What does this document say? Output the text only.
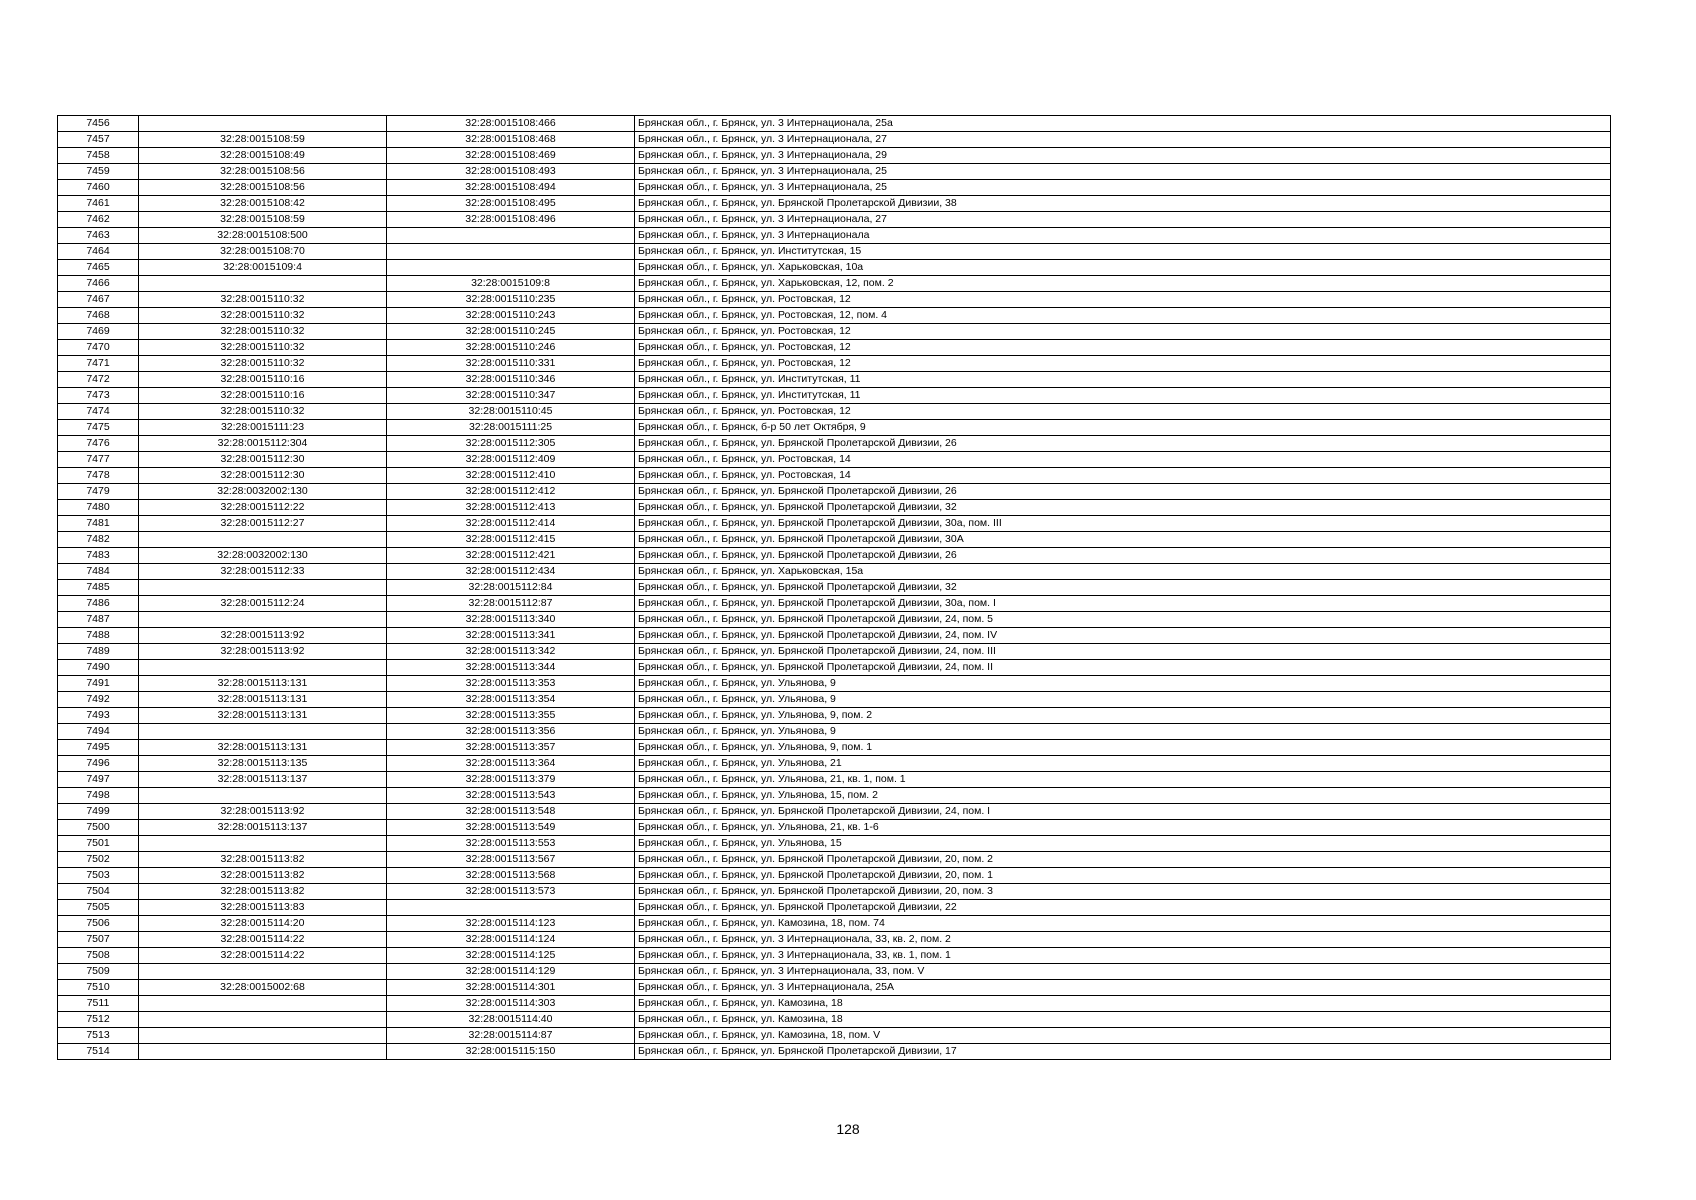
7456		32:28:0015108:466	Брянская обл., г. Брянск, ул. 3 Интернационала, 25а
7457	32:28:0015108:59	32:28:0015108:468	Брянская обл., г. Брянск, ул. 3 Интернационала, 27
7458	32:28:0015108:49	32:28:0015108:469	Брянская обл., г. Брянск, ул. 3 Интернационала, 29
7459	32:28:0015108:56	32:28:0015108:493	Брянская обл., г. Брянск, ул. 3 Интернационала, 25
7460	32:28:0015108:56	32:28:0015108:494	Брянская обл., г. Брянск, ул. 3 Интернационала, 25
7461	32:28:0015108:42	32:28:0015108:495	Брянская обл., г. Брянск, ул. Брянской Пролетарской Дивизии, 38
7462	32:28:0015108:59	32:28:0015108:496	Брянская обл., г. Брянск, ул. 3 Интернационала, 27
7463	32:28:0015108:500		Брянская обл., г. Брянск, ул. 3 Интернационала
7464	32:28:0015108:70		Брянская обл., г. Брянск, ул. Институтская, 15
7465	32:28:0015109:4		Брянская обл., г. Брянск, ул. Харьковская, 10а
7466		32:28:0015109:8	Брянская обл., г. Брянск, ул. Харьковская, 12, пом. 2
7467	32:28:0015110:32	32:28:0015110:235	Брянская обл., г. Брянск, ул. Ростовская, 12
7468	32:28:0015110:32	32:28:0015110:243	Брянская обл., г. Брянск, ул. Ростовская, 12, пом. 4
7469	32:28:0015110:32	32:28:0015110:245	Брянская обл., г. Брянск, ул. Ростовская, 12
7470	32:28:0015110:32	32:28:0015110:246	Брянская обл., г. Брянск, ул. Ростовская, 12
7471	32:28:0015110:32	32:28:0015110:331	Брянская обл., г. Брянск, ул. Ростовская, 12
7472	32:28:0015110:16	32:28:0015110:346	Брянская обл., г. Брянск, ул. Институтская, 11
7473	32:28:0015110:16	32:28:0015110:347	Брянская обл., г. Брянск, ул. Институтская, 11
7474	32:28:0015110:32	32:28:0015110:45	Брянская обл., г. Брянск, ул. Ростовская, 12
7475	32:28:0015111:23	32:28:0015111:25	Брянская обл., г. Брянск, б-р 50 лет Октября, 9
7476	32:28:0015112:304	32:28:0015112:305	Брянская обл., г. Брянск, ул. Брянской Пролетарской Дивизии, 26
7477	32:28:0015112:30	32:28:0015112:409	Брянская обл., г. Брянск, ул. Ростовская, 14
7478	32:28:0015112:30	32:28:0015112:410	Брянская обл., г. Брянск, ул. Ростовская, 14
7479	32:28:0032002:130	32:28:0015112:412	Брянская обл., г. Брянск, ул. Брянской Пролетарской Дивизии, 26
7480	32:28:0015112:22	32:28:0015112:413	Брянская обл., г. Брянск, ул. Брянской Пролетарской Дивизии, 32
7481	32:28:0015112:27	32:28:0015112:414	Брянская обл., г. Брянск, ул. Брянской Пролетарской Дивизии, 30а, пом. III
7482		32:28:0015112:415	Брянская обл., г. Брянск, ул. Брянской Пролетарской Дивизии, 30А
7483	32:28:0032002:130	32:28:0015112:421	Брянская обл., г. Брянск, ул. Брянской Пролетарской Дивизии, 26
7484	32:28:0015112:33	32:28:0015112:434	Брянская обл., г. Брянск, ул. Харьковская, 15а
7485		32:28:0015112:84	Брянская обл., г. Брянск, ул. Брянской Пролетарской Дивизии, 32
7486	32:28:0015112:24	32:28:0015112:87	Брянская обл., г. Брянск, ул. Брянской Пролетарской Дивизии, 30а, пом. I
7487		32:28:0015113:340	Брянская обл., г. Брянск, ул. Брянской Пролетарской Дивизии, 24, пом. 5
7488	32:28:0015113:92	32:28:0015113:341	Брянская обл., г. Брянск, ул. Брянской Пролетарской Дивизии, 24, пом. IV
7489	32:28:0015113:92	32:28:0015113:342	Брянская обл., г. Брянск, ул. Брянской Пролетарской Дивизии, 24, пом. III
7490		32:28:0015113:344	Брянская обл., г. Брянск, ул. Брянской Пролетарской Дивизии, 24, пом. II
7491	32:28:0015113:131	32:28:0015113:353	Брянская обл., г. Брянск, ул. Ульянова, 9
7492	32:28:0015113:131	32:28:0015113:354	Брянская обл., г. Брянск, ул. Ульянова, 9
7493	32:28:0015113:131	32:28:0015113:355	Брянская обл., г. Брянск, ул. Ульянова, 9, пом. 2
7494		32:28:0015113:356	Брянская обл., г. Брянск, ул. Ульянова, 9
7495	32:28:0015113:131	32:28:0015113:357	Брянская обл., г. Брянск, ул. Ульянова, 9, пом. 1
7496	32:28:0015113:135	32:28:0015113:364	Брянская обл., г. Брянск, ул. Ульянова, 21
7497	32:28:0015113:137	32:28:0015113:379	Брянская обл., г. Брянск, ул. Ульянова, 21, кв. 1, пом. 1
7498		32:28:0015113:543	Брянская обл., г. Брянск, ул. Ульянова, 15, пом. 2
7499	32:28:0015113:92	32:28:0015113:548	Брянская обл., г. Брянск, ул. Брянской Пролетарской Дивизии, 24, пом. I
7500	32:28:0015113:137	32:28:0015113:549	Брянская обл., г. Брянск, ул. Ульянова, 21, кв. 1-6
7501		32:28:0015113:553	Брянская обл., г. Брянск, ул. Ульянова, 15
7502	32:28:0015113:82	32:28:0015113:567	Брянская обл., г. Брянск, ул. Брянской Пролетарской Дивизии, 20, пом. 2
7503	32:28:0015113:82	32:28:0015113:568	Брянская обл., г. Брянск, ул. Брянской Пролетарской Дивизии, 20, пом. 1
7504	32:28:0015113:82	32:28:0015113:573	Брянская обл., г. Брянск, ул. Брянской Пролетарской Дивизии, 20, пом. 3
7505	32:28:0015113:83		Брянская обл., г. Брянск, ул. Брянской Пролетарской Дивизии, 22
7506	32:28:0015114:20	32:28:0015114:123	Брянская обл., г. Брянск, ул. Камозина, 18, пом. 74
7507	32:28:0015114:22	32:28:0015114:124	Брянская обл., г. Брянск, ул. 3 Интернационала, 33, кв. 2, пом. 2
7508	32:28:0015114:22	32:28:0015114:125	Брянская обл., г. Брянск, ул. 3 Интернационала, 33, кв. 1, пом. 1
7509		32:28:0015114:129	Брянская обл., г. Брянск, ул. 3 Интернационала, 33, пом. V
7510	32:28:0015002:68	32:28:0015114:301	Брянская обл., г. Брянск, ул. 3 Интернационала, 25А
7511		32:28:0015114:303	Брянская обл., г. Брянск, ул. Камозина, 18
7512		32:28:0015114:40	Брянская обл., г. Брянск, ул. Камозина, 18
7513		32:28:0015114:87	Брянская обл., г. Брянск, ул. Камозина, 18, пом. V
7514		32:28:0015115:150	Брянская обл., г. Брянск, ул. Брянской Пролетарской Дивизии, 17
128
